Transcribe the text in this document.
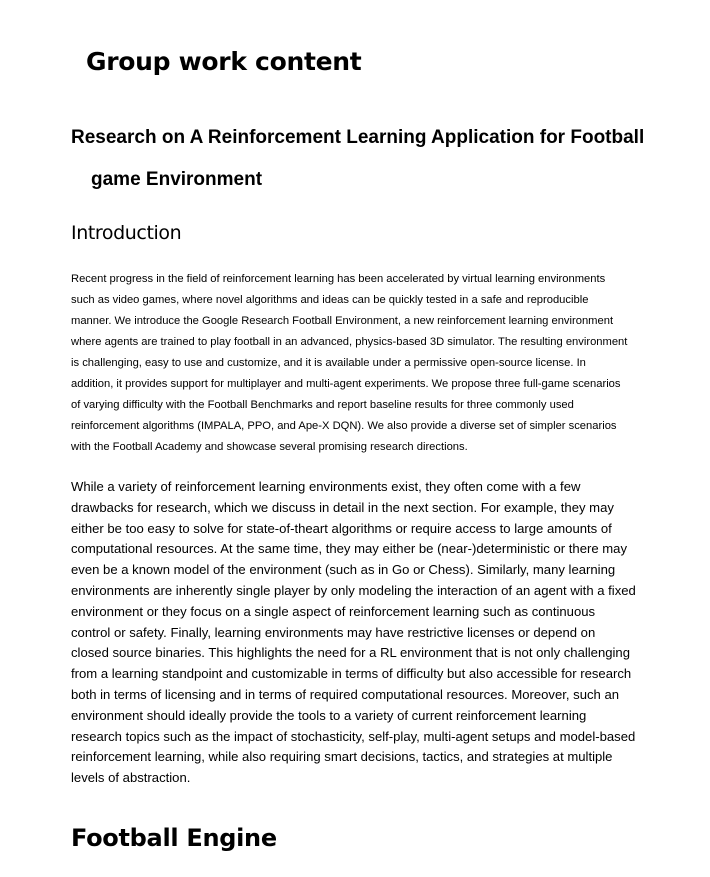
Group work content
Research on A Reinforcement Learning Application for Football
game Environment
Introduction

Recent progress in the field of reinforcement learning has been accelerated by virtual learning environments such as video games, where novel algorithms and ideas can be quickly tested in a safe and reproducible manner. We introduce the Google Research Football Environment, a new reinforcement learning environment where agents are trained to play football in an advanced, physics-based 3D simulator. The resulting environment is challenging, easy to use and customize, and it is available under a permissive open-source license. In addition, it provides support for multiplayer and multi-agent experiments. We propose three full-game scenarios of varying difficulty with the Football Benchmarks and report baseline results for three commonly used reinforcement algorithms (IMPALA, PPO, and Ape-X DQN). We also provide a diverse set of simpler scenarios with the Football Academy and showcase several promising research directions.

While a variety of reinforcement learning environments exist, they often come with a few drawbacks for research, which we discuss in detail in the next section. For example, they may either be too easy to solve for state-of-theart algorithms or require access to large amounts of computational resources. At the same time, they may either be (near-)deterministic or there may even be a known model of the environment (such as in Go or Chess). Similarly, many learning environments are inherently single player by only modeling the interaction of an agent with a fixed environment or they focus on a single aspect of reinforcement learning such as continuous control or safety. Finally, learning environments may have restrictive licenses or depend on closed source binaries. This highlights the need for a RL environment that is not only challenging from a learning standpoint and customizable in terms of difficulty but also accessible for research both in terms of licensing and in terms of required computational resources. Moreover, such an environment should ideally provide the tools to a variety of current reinforcement learning research topics such as the impact of stochasticity, self-play, multi-agent setups and model-based reinforcement learning, while also requiring smart decisions, tactics, and strategies at multiple levels of abstraction.

Football Engine
